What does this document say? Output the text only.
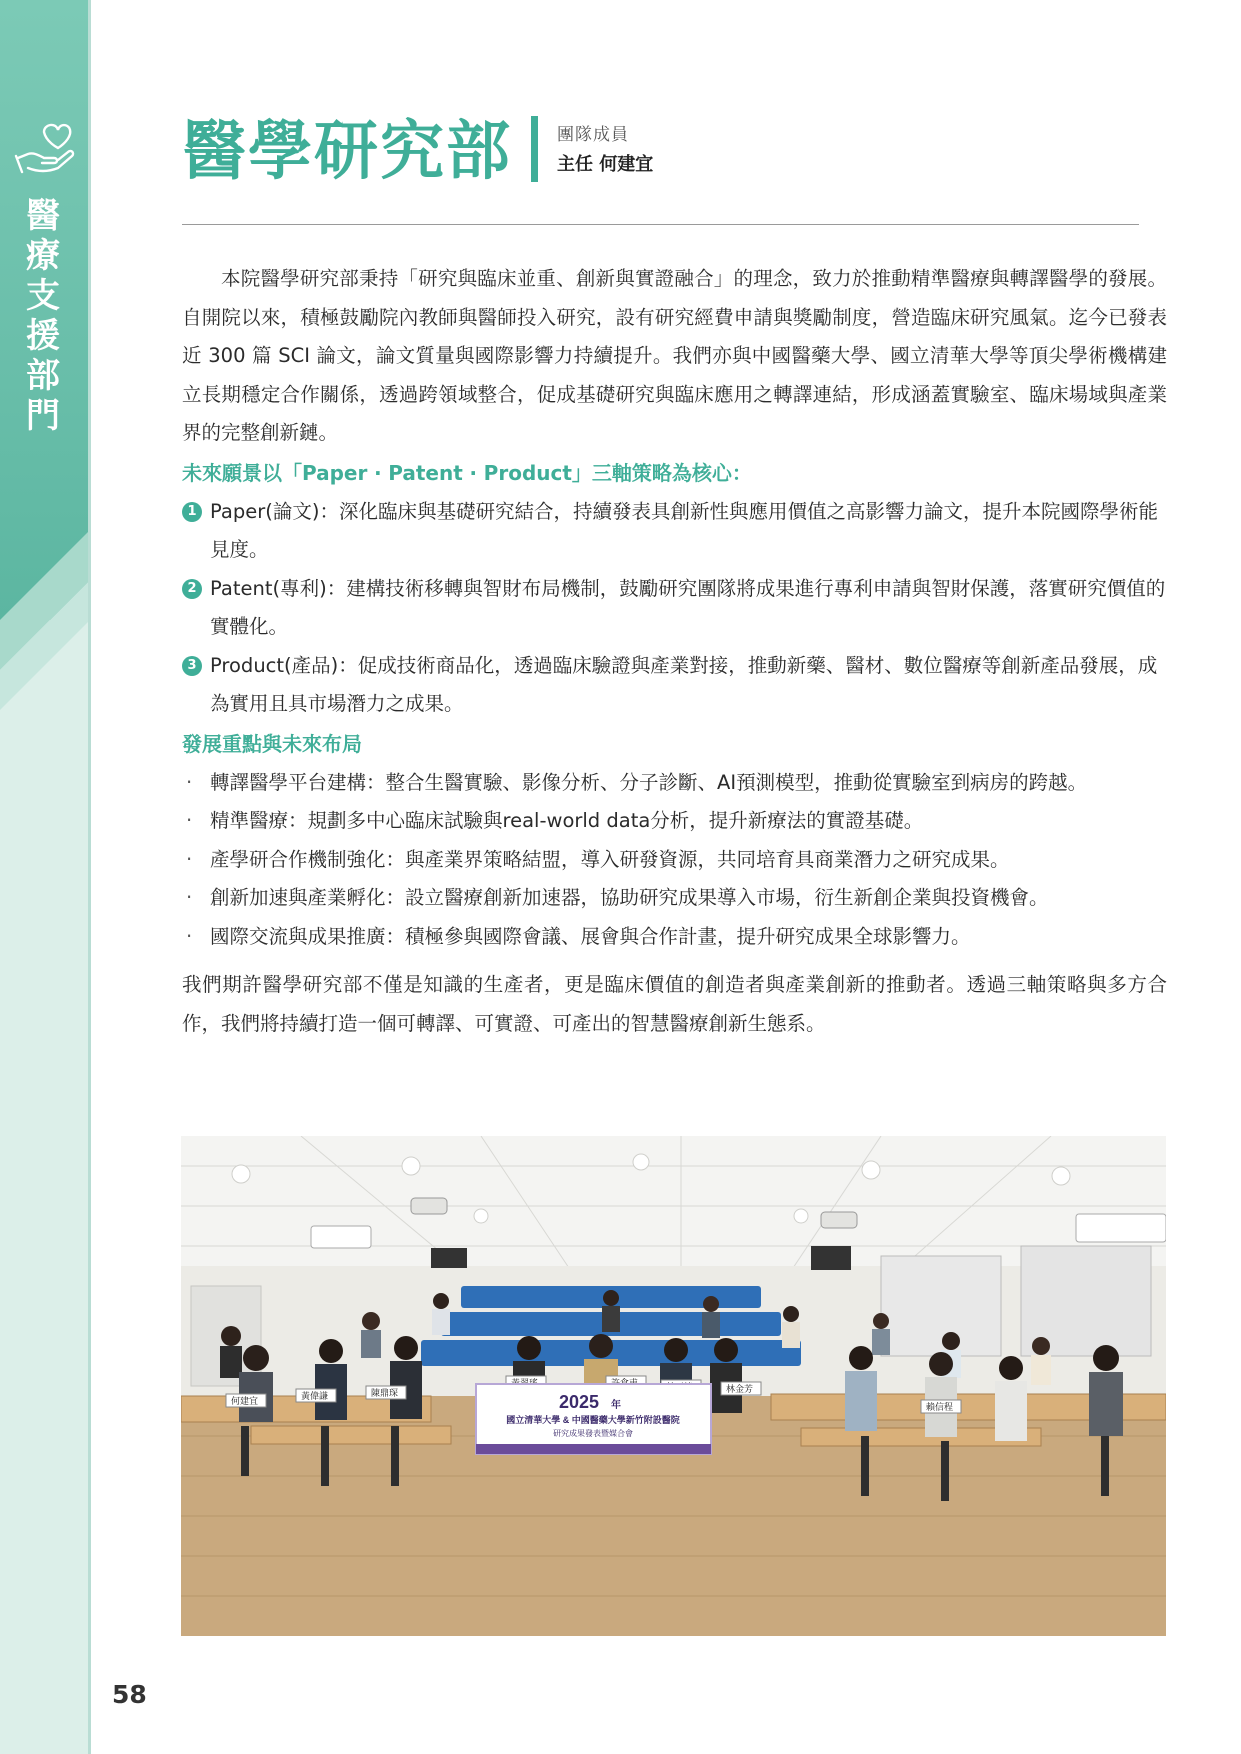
醫療支援部門
58
醫學研究部	團隊成員
主任 何建宜

本院醫學研究部秉持「研究與臨床並重、創新與實證融合」的理念，致力於推動精準醫療與轉譯醫學的發展。自開院以來，積極鼓勵院內教師與醫師投入研究，設有研究經費申請與獎勵制度，營造臨床研究風氣。迄今已發表近 300 篇 SCI 論文，論文質量與國際影響力持續提升。我們亦與中國醫藥大學、國立清華大學等頂尖學術機構建立長期穩定合作關係，透過跨領域整合，促成基礎研究與臨床應用之轉譯連結，形成涵蓋實驗室、臨床場域與產業界的完整創新鏈。

未來願景以「Paper ‧ Patent ‧ Product」三軸策略為核心：

1 Paper(論文)：深化臨床與基礎研究結合，持續發表具創新性與應用價值之高影響力論文，提升本院國際學術能見度。

2 Patent(專利)：建構技術移轉與智財布局機制，鼓勵研究團隊將成果進行專利申請與智財保護，落實研究價值的實體化。

3 Product(產品)：促成技術商品化，透過臨床驗證與產業對接，推動新藥、醫材、數位醫療等創新產品發展，成為實用且具市場潛力之成果。

發展重點與未來布局

‧ 轉譯醫學平台建構：整合生醫實驗、影像分析、分子診斷、AI預測模型，推動從實驗室到病房的跨越。

‧ 精準醫療：規劃多中心臨床試驗與real-world data分析，提升新療法的實證基礎。

‧ 產學研合作機制強化：與產業界策略結盟，導入研發資源，共同培育具商業潛力之研究成果。

‧ 創新加速與產業孵化：設立醫療創新加速器，協助研究成果導入市場，衍生新創企業與投資機會。

‧ 國際交流與成果推廣：積極參與國際會議、展會與合作計畫，提升研究成果全球影響力。

我們期許醫學研究部不僅是知識的生產者，更是臨床價值的創造者與產業創新的推動者。透過三軸策略與多方合作，我們將持續打造一個可轉譯、可實證、可產出的智慧醫療創新生態系。

何建宜	黃偉謙	陳鼎琛	林金芳
賴信程
2025 年
國立清華大學 & 中國醫藥大學新竹附設醫院
研究成果發表暨媒合會
